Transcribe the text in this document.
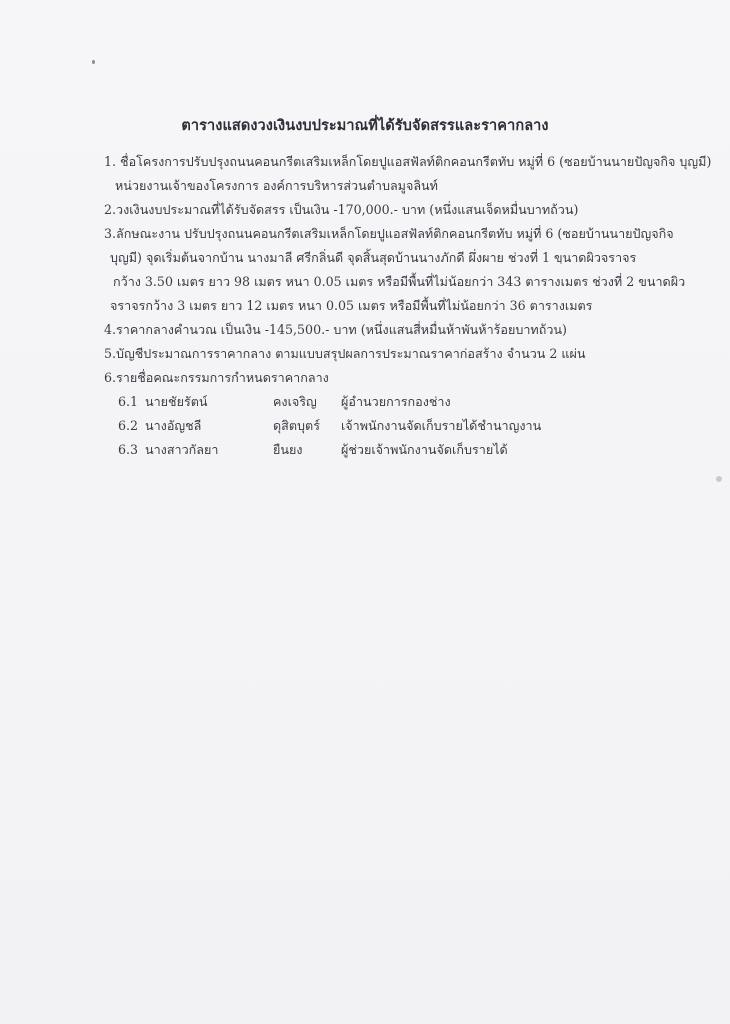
ตารางแสดงวงเงินงบประมาณที่ได้รับจัดสรรและราคากลาง
1. ชื่อโครงการปรับปรุงถนนคอนกรีตเสริมเหล็กโดยปูแอสฟัลท์ติกคอนกรีตทับ หมู่ที่ 6 (ซอยบ้านนายปัญจกิจ บุญมี)
หน่วยงานเจ้าของโครงการ องค์การบริหารส่วนตำบลมูจลินท์
2.วงเงินงบประมาณที่ได้รับจัดสรร เป็นเงิน -170,000.- บาท (หนึ่งแสนเจ็ดหมื่นบาทถ้วน)
3.ลักษณะงาน ปรับปรุงถนนคอนกรีตเสริมเหล็กโดยปูแอสฟัลท์ติกคอนกรีตทับ หมู่ที่ 6 (ซอยบ้านนายปัญจกิจ
บุญมี) จุดเริ่มต้นจากบ้าน นางมาลี ศรีกลิ่นดี จุดสิ้นสุดบ้านนางภักดี ผึ่งผาย ช่วงที่ 1 ขนาดผิวจราจร
กว้าง 3.50 เมตร ยาว 98 เมตร หนา 0.05 เมตร หรือมีพื้นที่ไม่น้อยกว่า 343 ตารางเมตร ช่วงที่ 2 ขนาดผิว
จราจรกว้าง 3 เมตร ยาว 12 เมตร หนา 0.05 เมตร หรือมีพื้นที่ไม่น้อยกว่า 36 ตารางเมตร
4.ราคากลางคำนวณ เป็นเงิน -145,500.- บาท (หนึ่งแสนสี่หมื่นห้าพันห้าร้อยบาทถ้วน)
5.บัญชีประมาณการราคากลาง ตามแบบสรุปผลการประมาณราคาก่อสร้าง จำนวน 2 แผ่น
6.รายชื่อคณะกรรมการกำหนดราคากลาง
6.1 นายชัยรัตน์	คงเจริญ ผู้อำนวยการกองช่าง
6.2 นางอัญชลี	ดุสิตบุตร์ เจ้าพนักงานจัดเก็บรายได้ชำนาญงาน
6.3 นางสาวกัลยา	ยืนยง	ผู้ช่วยเจ้าพนักงานจัดเก็บรายได้
